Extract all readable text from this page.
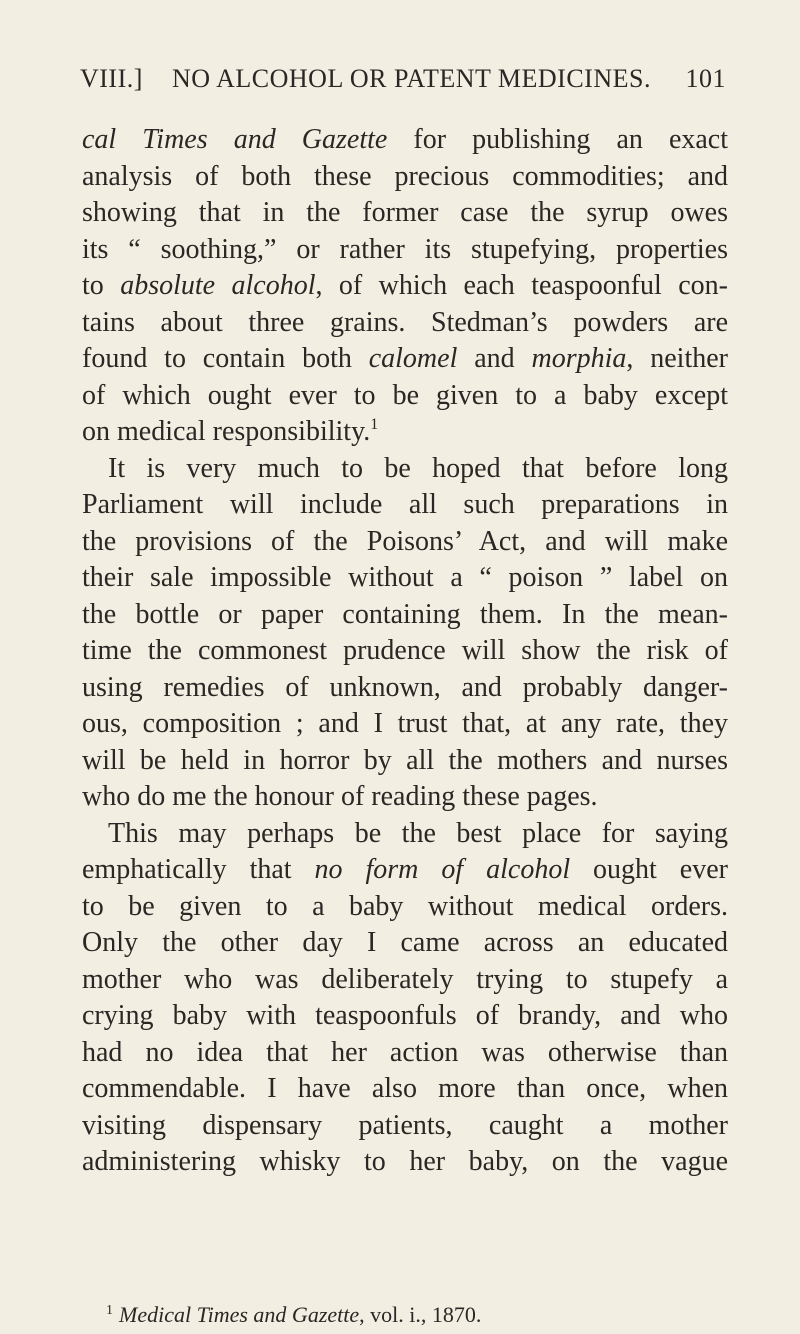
VIII.] NO ALCOHOL OR PATENT MEDICINES. 101
cal Times and Gazette for publishing an exact
analysis of both these precious commodities; and
showing that in the former case the syrup owes
its “ soothing,” or rather its stupefying, properties
to absolute alcohol, of which each teaspoonful con-
tains about three grains. Stedman’s powders are
found to contain both calomel and morphia, neither
of which ought ever to be given to a baby except
on medical responsibility.$^1$
It is very much to be hoped that before long
Parliament will include all such preparations in
the provisions of the Poisons’ Act, and will make
their sale impossible without a “ poison ” label on
the bottle or paper containing them. In the mean-
time the commonest prudence will show the risk of
using remedies of unknown, and probably danger-
ous, composition ; and I trust that, at any rate, they
will be held in horror by all the mothers and nurses
who do me the honour of reading these pages.
This may perhaps be the best place for saying
emphatically that no form of alcohol ought ever
to be given to a baby without medical orders.
Only the other day I came across an educated
mother who was deliberately trying to stupefy a
crying baby with teaspoonfuls of brandy, and who
had no idea that her action was otherwise than
commendable. I have also more than once, when
visiting dispensary patients, caught a mother
administering whisky to her baby, on the vague
$^1$ Medical Times and Gazette, vol. i., 1870.
